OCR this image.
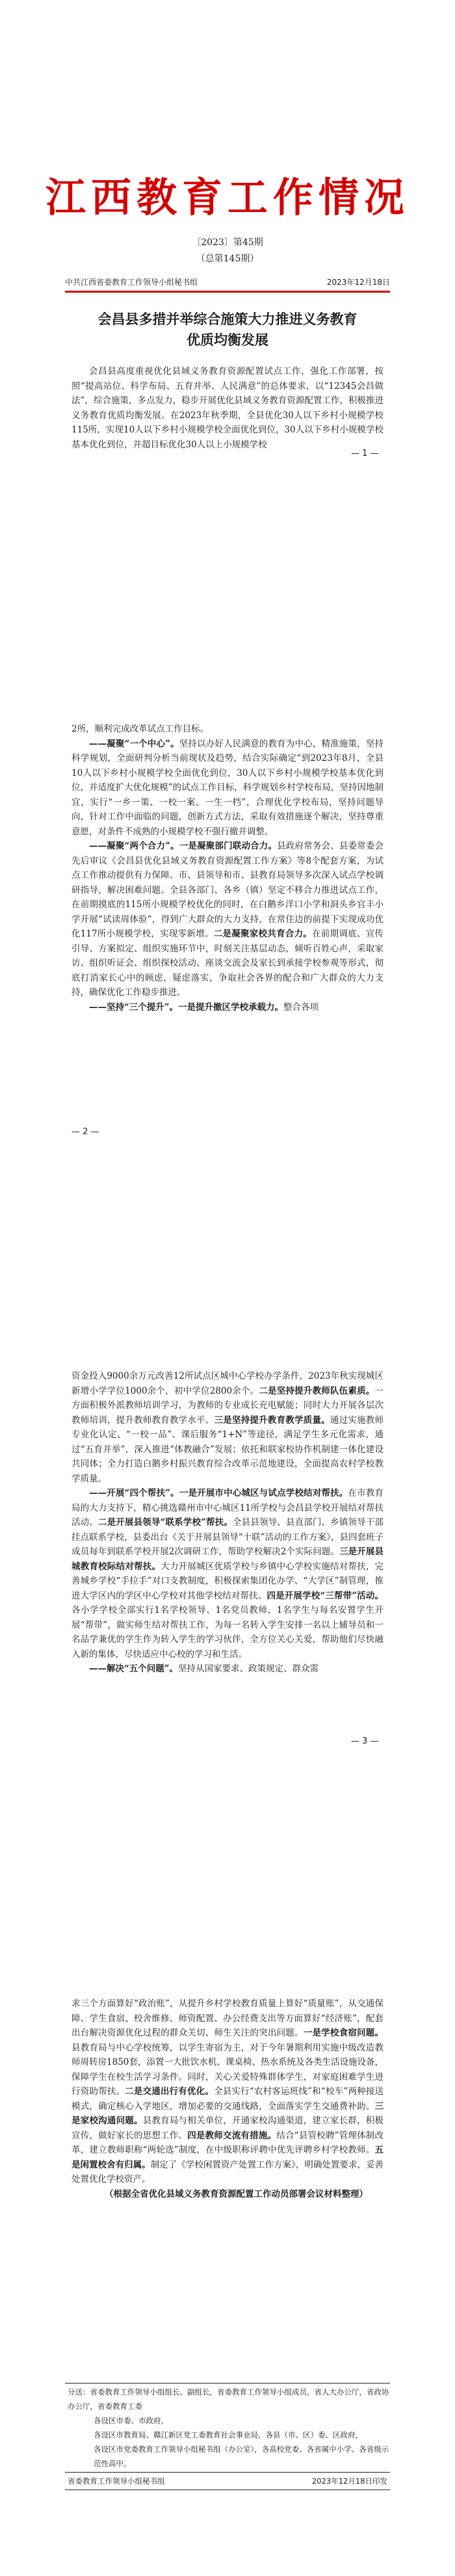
江西教育工作情况
〔2023〕第45期
（总第145期）
中共江西省委教育工作领导小组秘书组	2023年12月18日
会昌县多措并举综合施策大力推进义务教育
优质均衡发展

会昌县高度重视优化县域义务教育资源配置试点工作，强化工作部署，按照“提高站位、科学布局、五育并举、人民满意”的总体要求，以“12345会昌做法”，综合施策，多点发力，稳步开展优化县域义务教育资源配置工作，积极推进义务教育优质均衡发展。在2023年秋季期，全县优化30人以下乡村小规模学校115所，实现10人以下乡村小规模学校全面优化到位，30人以下乡村小规模学校基本优化到位，并超目标优化30人以上小规模学校

— 1 —

2所，顺利完成改革试点工作目标。

——凝聚“一个中心”。坚持以办好人民满意的教育为中心，精准施策，坚持科学规划，全面研判分析当前现状及趋势，结合实际确定“到2023年8月，全县10人以下乡村小规模学校全面优化到位，30人以下乡村小规模学校基本优化到位，并适度扩大优化规模”的试点工作目标，科学规划乡村学校布局，坚持因地制宜，实行“一乡一策、一校一案、一生一档”，合理优化学校布局，坚持问题导向，针对工作中面临的问题，创新方式方法，采取有效措施逐个解决，坚持尊重意愿，对条件不成熟的小规模学校不强行撤并调整。

——凝聚“两个合力”。一是凝聚部门联动合力。县政府常务会、县委常委会先后审议《会昌县优化县域义务教育资源配置工作方案》等8个配套方案，为试点工作推动提供有力保障。市、县领导和市、县教育局领导多次深入试点学校调研指导，解决困难问题。全县各部门、各乡（镇）坚定不移合力推进试点工作，在前期摸底的115所小规模学校优化的同时，在白鹅乡洋口小学和洞头乡官丰小学开展“试读周体验”，得到广大群众的大力支持，在常住边的前提下实现成功优化117所小规模学校，实现零新增。二是凝聚家校共育合力。在前期调底、宣传引导、方案拟定、组织实施环节中，时刻关注基层动态，倾听百姓心声，采取家访、组织听证会、组织探校活动、座谈交流会及家长到承接学校参观等形式，彻底打消家长心中的顾虑，疑虑落实，争取社会各界的配合和广大群众的大力支持，确保优化工作稳步推进。

——坚持“三个提升”。一是提升撤区学校承载力。整合各项

— 2 —

资金投入9000余万元改善12所试点区城中心学校办学条件，2023年秋实现城区新增小学学位1000余个，初中学位2800余个。二是坚持提升教师队伍素质。一方面积极外派教师培训学习，为教师的专业成长充电赋能；同时大力开展各层次教师培训，提升教师教育教学水平。三是坚持提升教育教学质量。通过实施教师专业化认定、“一校一品”、课后服务“1+N”等途径，满足学生多元化需求，通过“五育并举”，深入推进“体教融合”发展；依托和联家校协作机制建一体化建设共同体；全力打造白鹅乡村振兴教育综合改革示范地建设，全面提高农村学校教学质量。

——开展“四个帮扶”。一是开展市中心城区与试点学校结对帮扶。在市教育局的大力支持下，精心挑选赣州市中心城区11所学校与会昌县学校开展结对帮扶活动。二是开展县领导“联系学校”帮扶。全县县领导、县直部门、乡镇领导干部挂点联系学校，县委出台《关于开展县领导“十联”活动的工作方案》，县四套班子成员每年到联系学校开展2次调研工作，帮助学校解决2个实际问题。三是开展县城教育校际结对帮扶。大力开展城区优质学校与乡镇中心学校实施结对帮扶，完善城乡学校“手拉手”对口支教制度，积极探索集团化办学、“大学区”制管理，推进大学区内的学区中心学校对其他学校结对帮扶。四是开展学校“三帮带”活动。各小学学校全部实行1名学校领导、1名党员教师、1名学生与每名安置学生开展“帮带”，做实师生结对帮扶工作，为每一名转入学生安排一名以上辅导员和一名品学兼优的学生作为转入学生的学习伙伴，全方位关心关爱，帮助他们尽快融入新的集体，尽快适应中心校的学习和生活。

——解决“五个问题”。坚持从国家要求、政策规定、群众需

— 3 —

求三个方面算好“政治账”，从提升乡村学校教育质量上算好“质量账”，从交通保障、学生食宿、校舍维修、师资配置、办公经费支出等方面算好“经济账”，配套出台解决资源优化过程的群众关切、师生关注的突出问题。一是学校食宿问题。县教育局与中心学校统筹，以学生寄宿为主，对于今年暑期利用实施中级改造教师周转房1850套，添置一大批饮水机、课桌椅、热水系统及各类生活设施设备，保障学生在校生活学习条件。同时，关心关爱特殊群体学生，对家庭困难学生进行资助帮扶。二是交通出行有优化。全县实行“农村客运班线”和“校车”两种接送模式，确定核心入学地区，增加必要的交通线路，全面落实学生交通费补助。三是家校沟通问题。县教育局与相关单位，开通家校沟通渠道，建立家长群，积极宣传，做好家长的思想工作。四是教师交流有措施。结合“县管校聘”管理体制改革，建立教师职称“两轮选”制度，在中级职称评聘中优先评聘乡村学校教师。五是闲置校舍有归属。制定了《学校闲置资产处置工作方案》，明确处置要求，妥善处置优化学校资产。

（根据全省优化县域义务教育资源配置工作动员部署会议材料整理）

分送：省委教育工作领导小组组长、副组长，省委教育工作领导小组成员，省人大办公厅，省政协办公厅，省委教育工委
各设区市委、市政府，
各设区市教育局、赣江新区党工委教育社会事业局，各县（市、区）委、区政府，
各设区市党委教育工作领导小组秘书组（办公室），各高校党委、各省属中小学、各省级示范性高中。
省委教育工作领导小组秘书组	2023年12月18日印发
